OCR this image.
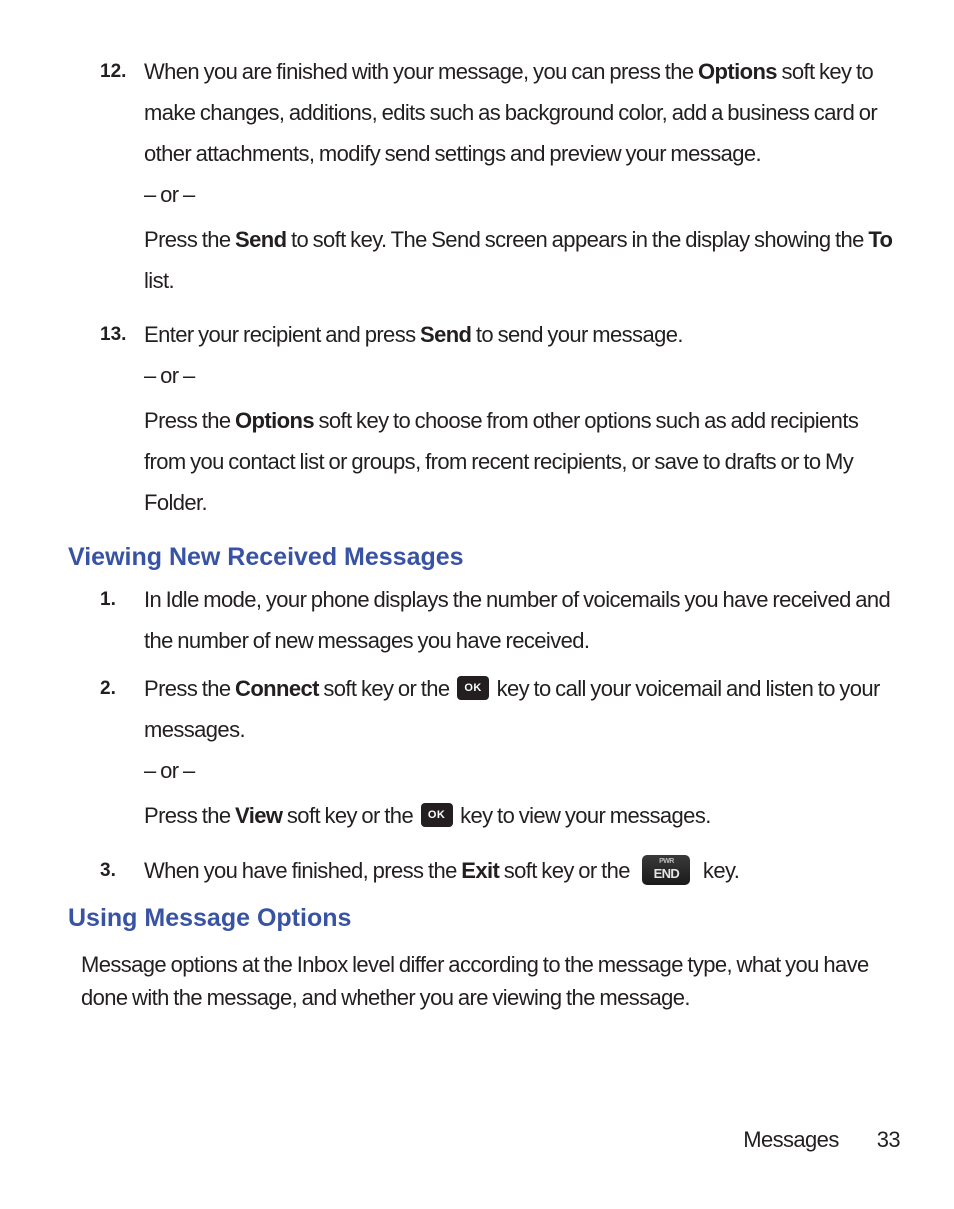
12. When you are finished with your message, you can press the Options soft key to make changes, additions, edits such as background color, add a business card or other attachments, modify send settings and preview your message.
– or –
Press the Send to soft key. The Send screen appears in the display showing the To list.
13. Enter your recipient and press Send to send your message.
– or –
Press the Options soft key to choose from other options such as add recipients from you contact list or groups, from recent recipients, or save to drafts or to My Folder.
Viewing New Received Messages
1. In Idle mode, your phone displays the number of voicemails you have received and the number of new messages you have received.
2. Press the Connect soft key or the OK key to call your voicemail and listen to your messages.
– or –
Press the View soft key or the OK key to view your messages.
3. When you have finished, press the Exit soft key or the	PWR
END key.
Using Message Options
Message options at the Inbox level differ according to the message type, what you have done with the message, and whether you are viewing the message.
Messages 33
